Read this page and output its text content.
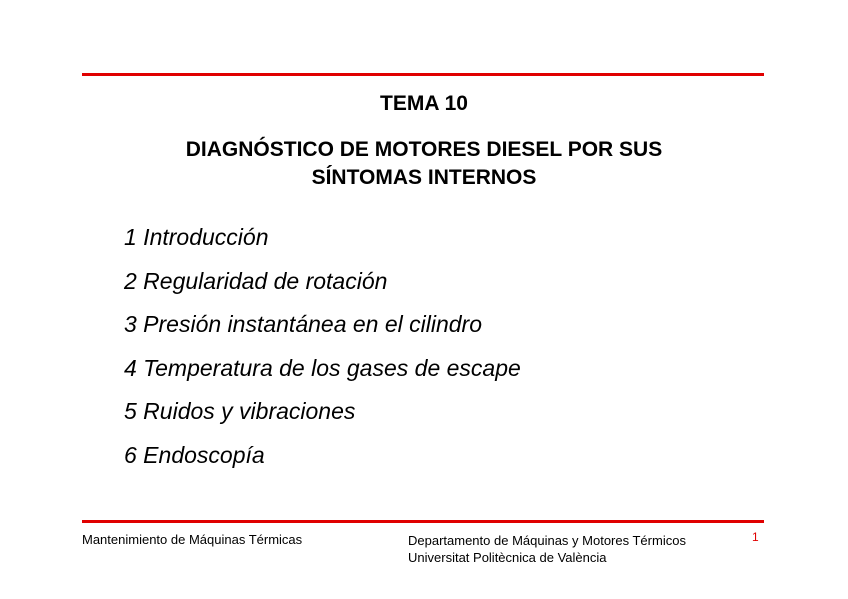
TEMA 10
DIAGNÓSTICO DE MOTORES DIESEL POR SUS
SÍNTOMAS INTERNOS
1 Introducción
2 Regularidad de rotación
3 Presión instantánea en el cilindro
4 Temperatura de los gases de escape
5 Ruidos y vibraciones
6 Endoscopía
Mantenimiento de Máquinas Térmicas	Departamento de Máquinas y Motores Térmicos
Universitat Politècnica de València
1
